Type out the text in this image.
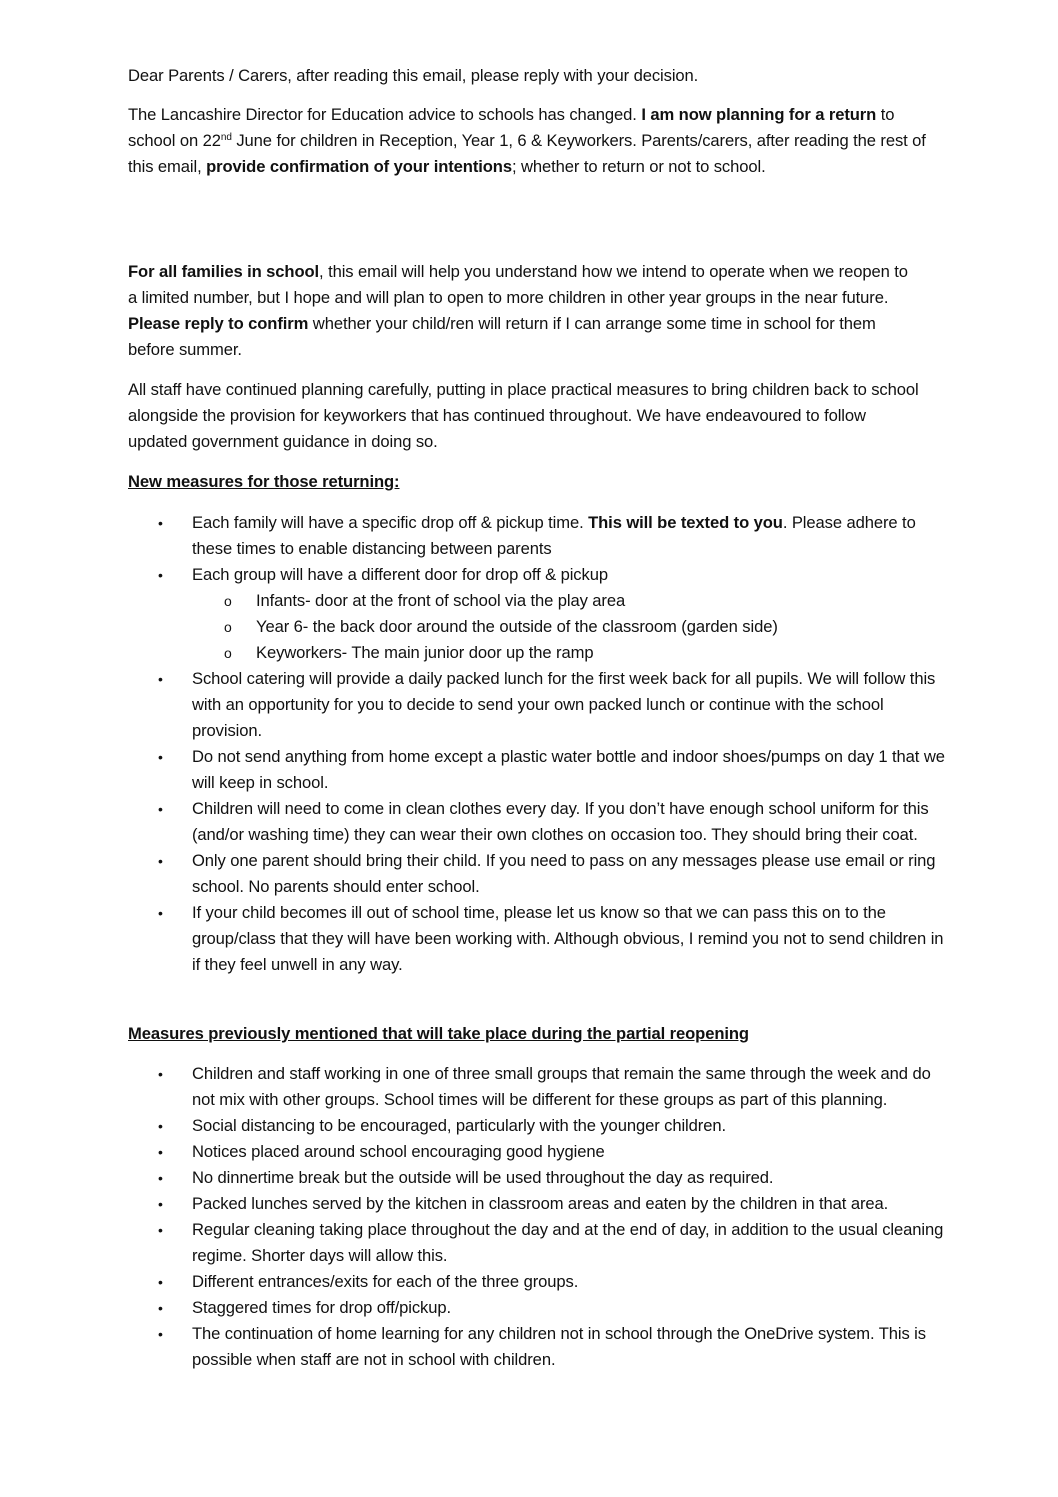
Dear Parents / Carers, after reading this email, please reply with your decision.

The Lancashire Director for Education advice to schools has changed. I am now planning for a return to school on 22nd June for children in Reception, Year 1, 6 & Keyworkers. Parents/carers, after reading the rest of this email, provide confirmation of your intentions; whether to return or not to school.

For all families in school, this email will help you understand how we intend to operate when we reopen to a limited number, but I hope and will plan to open to more children in other year groups in the near future. Please reply to confirm whether your child/ren will return if I can arrange some time in school for them before summer.

All staff have continued planning carefully, putting in place practical measures to bring children back to school alongside the provision for keyworkers that has continued throughout. We have endeavoured to follow updated government guidance in doing so.

New measures for those returning:

• Each family will have a specific drop off & pickup time. This will be texted to you. Please adhere to these times to enable distancing between parents
• Each group will have a different door for drop off & pickup
o Infants- door at the front of school via the play area
o Year 6- the back door around the outside of the classroom (garden side)
o Keyworkers- The main junior door up the ramp
• School catering will provide a daily packed lunch for the first week back for all pupils. We will follow this with an opportunity for you to decide to send your own packed lunch or continue with the school provision.
• Do not send anything from home except a plastic water bottle and indoor shoes/pumps on day 1 that we will keep in school.
• Children will need to come in clean clothes every day. If you don’t have enough school uniform for this (and/or washing time) they can wear their own clothes on occasion too. They should bring their coat.
• Only one parent should bring their child. If you need to pass on any messages please use email or ring school. No parents should enter school.
• If your child becomes ill out of school time, please let us know so that we can pass this on to the group/class that they will have been working with. Although obvious, I remind you not to send children in if they feel unwell in any way.

Measures previously mentioned that will take place during the partial reopening

• Children and staff working in one of three small groups that remain the same through the week and do not mix with other groups. School times will be different for these groups as part of this planning.
• Social distancing to be encouraged, particularly with the younger children.
• Notices placed around school encouraging good hygiene
• No dinnertime break but the outside will be used throughout the day as required.
• Packed lunches served by the kitchen in classroom areas and eaten by the children in that area.
• Regular cleaning taking place throughout the day and at the end of day, in addition to the usual cleaning regime. Shorter days will allow this.
• Different entrances/exits for each of the three groups.
• Staggered times for drop off/pickup.
• The continuation of home learning for any children not in school through the OneDrive system. This is possible when staff are not in school with children.
